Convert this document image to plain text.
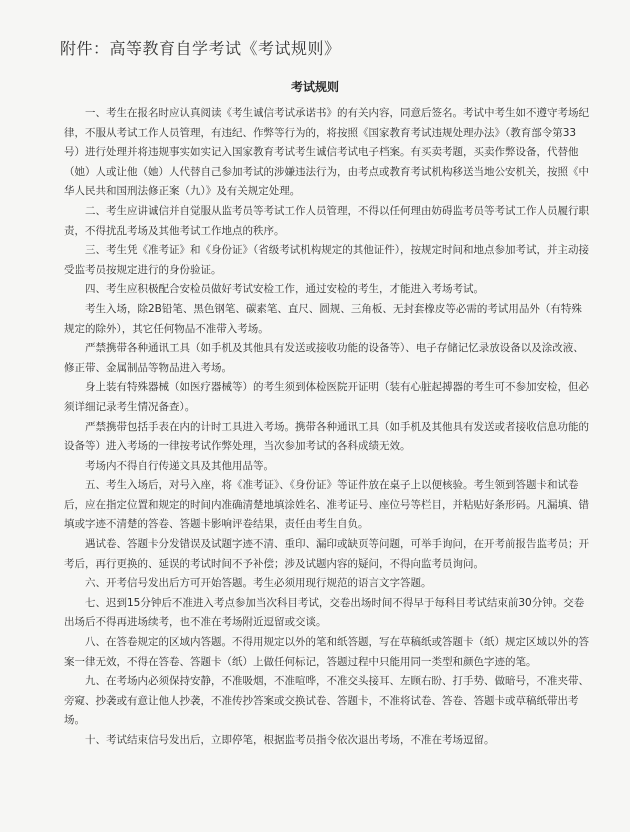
附件：高等教育自学考试《考试规则》
考试规则

一、考生在报名时应认真阅读《考生诚信考试承诺书》的有关内容，同意后签名。考试中考生如不遵守考场纪律，不服从考试工作人员管理，有违纪、作弊等行为的，将按照《国家教育考试违规处理办法》（教育部令第33号）进行处理并将违规事实如实记入国家教育考试考生诚信考试电子档案。有买卖考题，买卖作弊设备，代替他（她）人或让他（她）人代替自己参加考试的涉嫌违法行为，由考点或教育考试机构移送当地公安机关，按照《中华人民共和国刑法修正案（九）》及有关规定处理。

二、考生应讲诚信并自觉服从监考员等考试工作人员管理，不得以任何理由妨碍监考员等考试工作人员履行职责，不得扰乱考场及其他考试工作地点的秩序。

三、考生凭《准考证》和《身份证》（省级考试机构规定的其他证件），按规定时间和地点参加考试，并主动接受监考员按规定进行的身份验证。

四、考生应积极配合安检员做好考试安检工作，通过安检的考生，才能进入考场考试。

考生入场，除2B铅笔、黑色钢笔、碳素笔、直尺、圆规、三角板、无封套橡皮等必需的考试用品外（有特殊规定的除外），其它任何物品不准带入考场。

严禁携带各种通讯工具（如手机及其他具有发送或接收功能的设备等）、电子存储记忆录放设备以及涂改液、修正带、金属制品等物品进入考场。

身上装有特殊器械（如医疗器械等）的考生须到体检医院开证明（装有心脏起搏器的考生可不参加安检，但必须详细记录考生情况备查）。

严禁携带包括手表在内的计时工具进入考场。携带各种通讯工具（如手机及其他具有发送或者接收信息功能的设备等）进入考场的一律按考试作弊处理，当次参加考试的各科成绩无效。

考场内不得自行传递文具及其他用品等。

五、考生入场后，对号入座，将《准考证》、《身份证》等证件放在桌子上以便核验。考生领到答题卡和试卷后，应在指定位置和规定的时间内准确清楚地填涂姓名、准考证号、座位号等栏目，并粘贴好条形码。凡漏填、错填或字迹不清楚的答卷、答题卡影响评卷结果，责任由考生自负。

遇试卷、答题卡分发错误及试题字迹不清、重印、漏印或缺页等问题，可举手询问，在开考前报告监考员；开考后，再行更换的、延误的考试时间不予补偿；涉及试题内容的疑问，不得向监考员询问。

六、开考信号发出后方可开始答题。考生必须用现行规范的语言文字答题。

七、迟到15分钟后不准进入考点参加当次科目考试，交卷出场时间不得早于每科目考试结束前30分钟。交卷出场后不得再进场续考，也不准在考场附近逗留或交谈。

八、在答卷规定的区域内答题。不得用规定以外的笔和纸答题，写在草稿纸或答题卡（纸）规定区域以外的答案一律无效，不得在答卷、答题卡（纸）上做任何标记，答题过程中只能用同一类型和颜色字迹的笔。

九、在考场内必须保持安静，不准吸烟，不准喧哗，不准交头接耳、左顾右盼、打手势、做暗号，不准夹带、旁窥、抄袭或有意让他人抄袭，不准传抄答案或交换试卷、答题卡，不准将试卷、答卷、答题卡或草稿纸带出考场。

十、考试结束信号发出后，立即停笔，根据监考员指令依次退出考场，不准在考场逗留。
